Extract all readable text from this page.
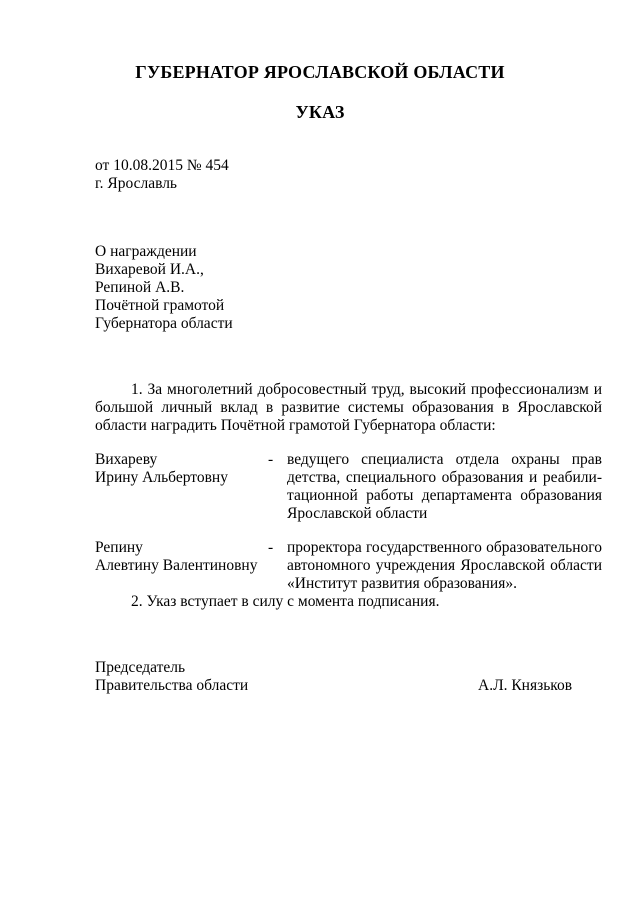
ГУБЕРНАТОР ЯРОСЛАВСКОЙ ОБЛАСТИ
УКАЗ
от 10.08.2015 № 454
г. Ярославль
О награждении
Вихаревой И.А.,
Репиной А.В.
Почётной грамотой
Губернатора области
1. За многолетний добросовестный труд, высокий профессионализм и
большой личный вклад в развитие системы образования в Ярославской
области наградить Почётной грамотой Губернатора области:
Вихареву
Ирину Альбертовну
- ведущего специалиста отдела охраны прав
детства, специального образования и реабили-
тационной работы департамента образования
Ярославской области
Репину
Алевтину Валентиновну
- проректора государственного образовательного
автономного учреждения Ярославской области
«Институт развития образования».
2. Указ вступает в силу с момента подписания.
Председатель
Правительства области	А.Л. Князьков
